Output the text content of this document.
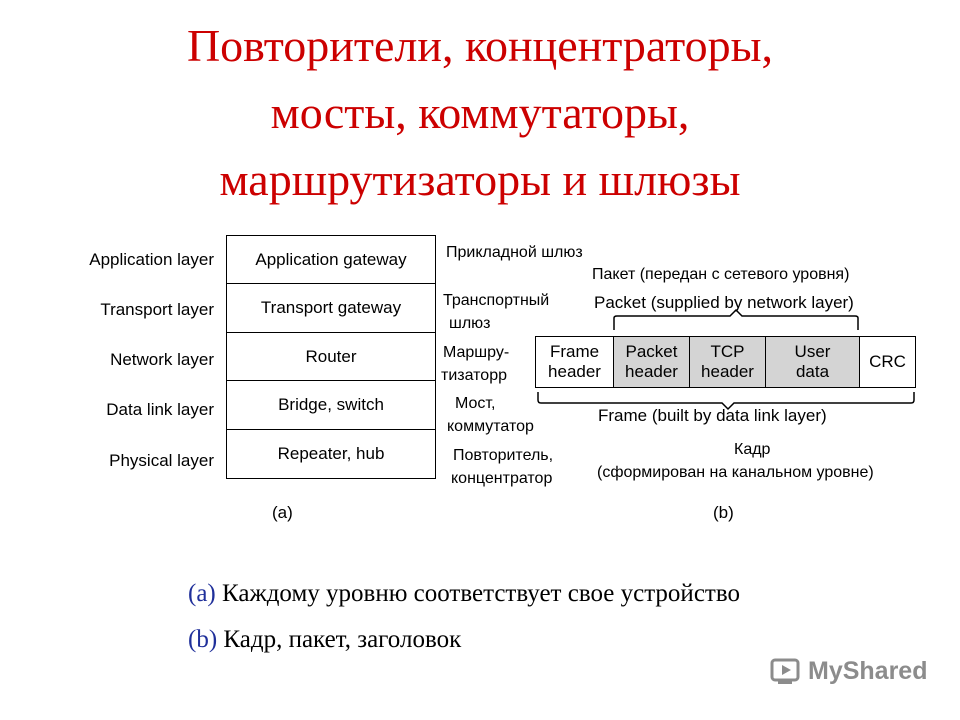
Повторители, концентраторы,
мосты, коммутаторы,
маршрутизаторы и шлюзы
Application layer
Transport layer
Network layer
Data link layer
Physical layer
Application gateway
Transport gateway
Router
Bridge, switch
Repeater, hub
Прикладной шлюз
Транспортный
шлюз
Маршру-
тизаторр
Мост,
коммутатор
Повторитель,
концентратор
(a)
Пакет (передан с сетевого уровня)
Packet (supplied by network layer)
Frame
header
Packet
header
TCP
header
User
data
CRC
Frame (built by data link layer)
Кадр
(сформирован на канальном уровне)
(b)
(a) Каждому уровню соответствует свое устройство
(b) Кадр, пакет, заголовок
MyShared
